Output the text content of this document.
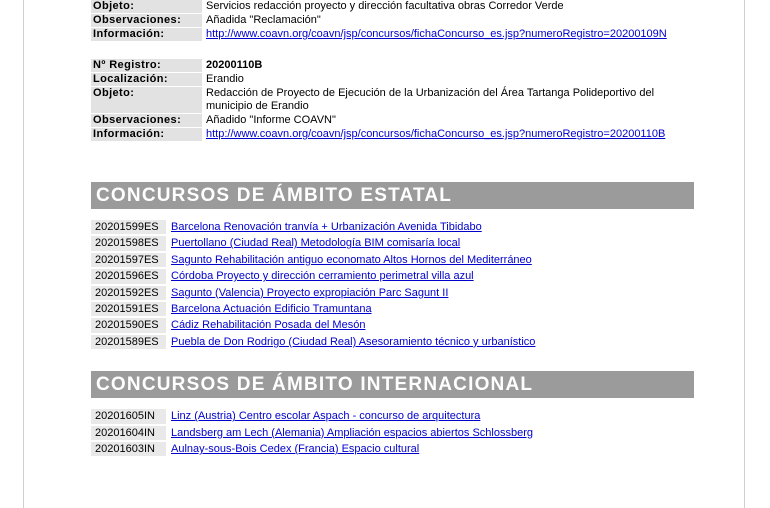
Objeto:	Servicios redacción proyecto y dirección facultativa obras Corredor Verde
Observaciones:	Añadida "Reclamación"
Información:	http://www.coavn.org/coavn/jsp/concursos/fichaConcurso_es.jsp?numeroRegistro=20200109N
Nº Registro:	20200110B
Localización:	Erandio
Objeto:	Redacción de Proyecto de Ejecución de la Urbanización del Área Tartanga Polideportivo del municipio de Erandio
Observaciones:	Añadido "Informe COAVN"
Información:	http://www.coavn.org/coavn/jsp/concursos/fichaConcurso_es.jsp?numeroRegistro=20200110B
CONCURSOS DE ÁMBITO ESTATAL
20201599ES	Barcelona Renovación tranvía + Urbanización Avenida Tibidabo
20201598ES	Puertollano (Ciudad Real) Metodología BIM comisaría local
20201597ES	Sagunto Rehabilitación antiguo economato Altos Hornos del Mediterráneo
20201596ES	Córdoba Proyecto y dirección cerramiento perimetral villa azul
20201592ES	Sagunto (Valencia) Proyecto expropiación Parc Sagunt II
20201591ES	Barcelona Actuación Edificio Tramuntana
20201590ES	Cádiz Rehabilitación Posada del Mesón
20201589ES	Puebla de Don Rodrigo (Ciudad Real) Asesoramiento técnico y urbanístico
CONCURSOS DE ÁMBITO INTERNACIONAL
20201605IN	Linz (Austria) Centro escolar Aspach - concurso de arquitectura
20201604IN	Landsberg am Lech (Alemania) Ampliación espacios abiertos Schlossberg
20201603IN	Aulnay-sous-Bois Cedex (Francia) Espacio cultural
